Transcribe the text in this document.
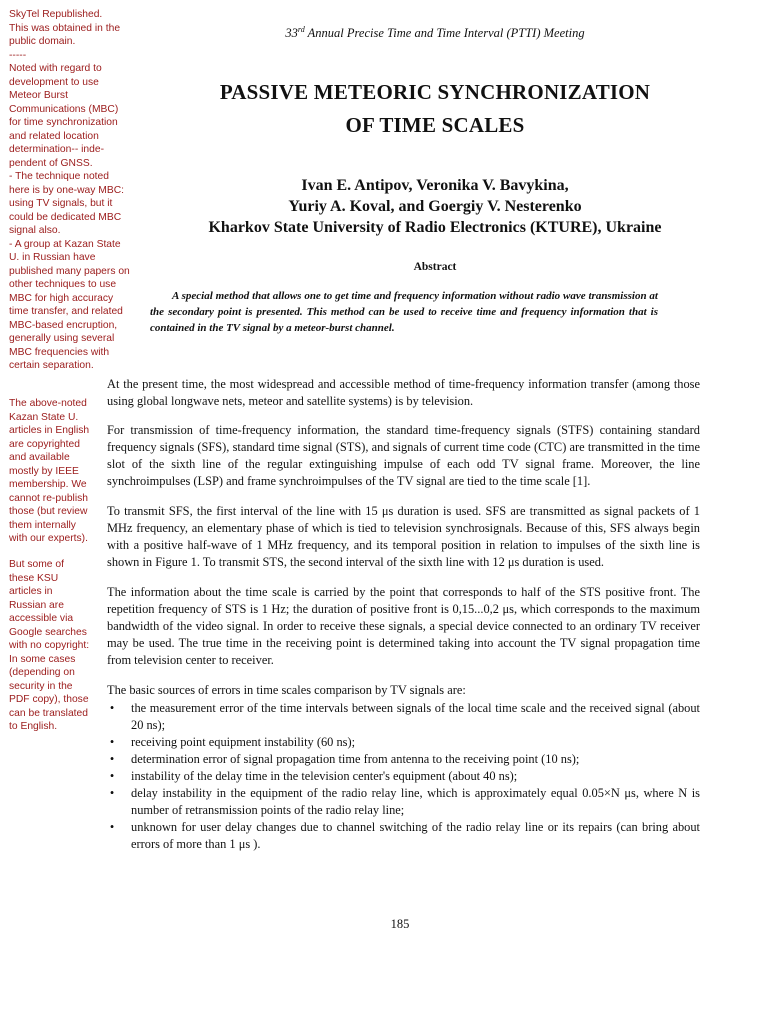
SkyTel Republished.
This was obtained in the
public domain.
-----
Noted with regard to
development to use
Meteor Burst
Communications (MBC)
for time synchronization
and related location
determination-- inde-
pendent of GNSS.
- The technique noted
here is by one-way MBC:
using TV signals, but it
could be dedicated MBC
signal also.
- A group at Kazan State
U. in Russian have
published many papers on
other techniques to use
MBC for high accuracy
time transfer, and related
MBC-based encruption,
generally using several
MBC frequencies with
certain separation.

The above-noted
Kazan State U.
articles in English
are copyrighted
and available
mostly by IEEE
membership. We
cannot re-publish
those (but review
them internally
with our experts).

But some of
these KSU
articles in
Russian are
accessible via
Google searches
with no copyright:
In some cases
(depending on
security in the
PDF copy), those
can be translated
to English.

33rd Annual Precise Time and Time Interval (PTTI) Meeting
PASSIVE METEORIC SYNCHRONIZATION
OF TIME SCALES
Ivan E. Antipov, Veronika V. Bavykina,
Yuriy A. Koval, and Goergiy V. Nesterenko
Kharkov State University of Radio Electronics (KTURE), Ukraine
Abstract
A special method that allows one to get time and frequency information without radio wave transmission at the secondary point is presented. This method can be used to receive time and frequency information that is contained in the TV signal by a meteor-burst channel.

At the present time, the most widespread and accessible method of time-frequency information transfer (among those using global longwave nets, meteor and satellite systems) is by television.

For transmission of time-frequency information, the standard time-frequency signals (STFS) containing standard frequency signals (SFS), standard time signal (STS), and signals of current time code (CTC) are transmitted in the time slot of the sixth line of the regular extinguishing impulse of each odd TV signal frame. Moreover, the line synchroimpulses (LSP) and frame synchroimpulses of the TV signal are tied to the time scale [1].

To transmit SFS, the first interval of the line with 15 μs duration is used. SFS are transmitted as signal packets of 1 MHz frequency, an elementary phase of which is tied to television synchrosignals. Because of this, SFS always begin with a positive half-wave of 1 MHz frequency, and its temporal position in relation to impulses of the sixth line is shown in Figure 1. To transmit STS, the second interval of the sixth line with 12 μs duration is used.

The information about the time scale is carried by the point that corresponds to half of the STS positive front. The repetition frequency of STS is 1 Hz; the duration of positive front is 0,15...0,2 μs, which corresponds to the maximum bandwidth of the video signal. In order to receive these signals, a special device connected to an ordinary TV receiver may be used. The true time in the receiving point is determined taking into account the TV signal propagation time from television center to receiver.

The basic sources of errors in time scales comparison by TV signals are:

• the measurement error of the time intervals between signals of the local time scale and the received signal (about 20 ns);
• receiving point equipment instability (60 ns);
• determination error of signal propagation time from antenna to the receiving point (10 ns);
• instability of the delay time in the television center's equipment (about 40 ns);
• delay instability in the equipment of the radio relay line, which is approximately equal 0.05×N μs, where N is number of retransmission points of the radio relay line;
• unknown for user delay changes due to channel switching of the radio relay line or its repairs (can bring about errors of more than 1 μs ).
185
